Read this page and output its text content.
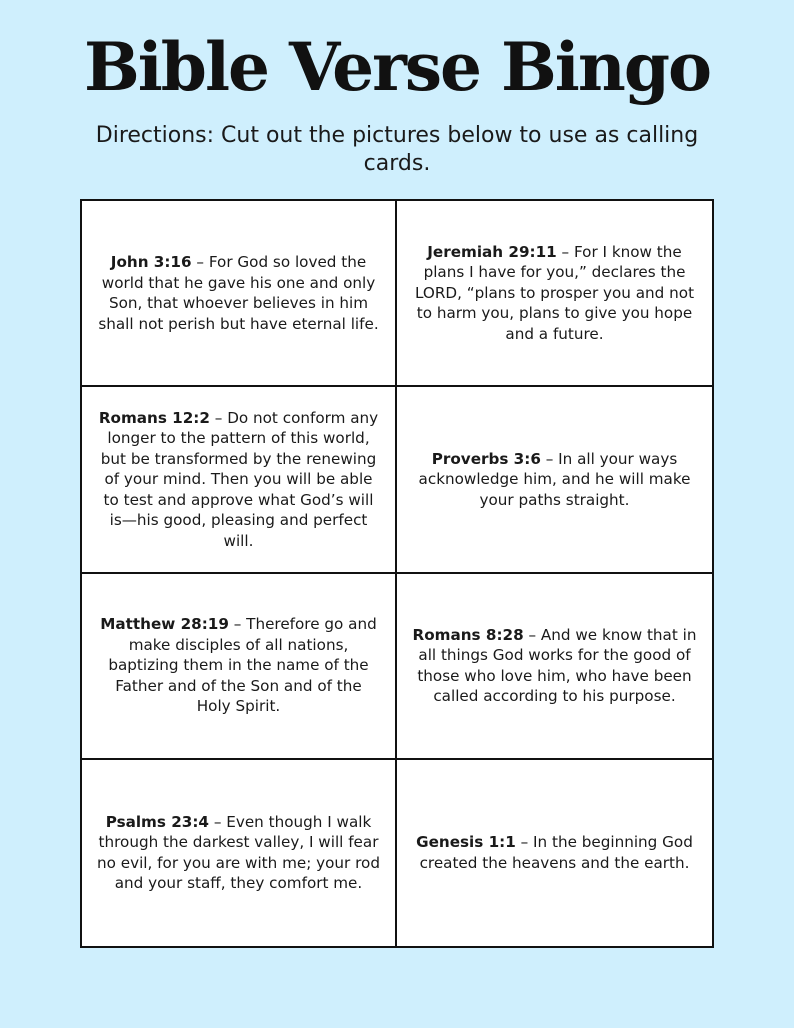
Bible Verse Bingo

Directions: Cut out the pictures below to use as calling cards.

John 3:16 – For God so loved the world that he gave his one and only Son, that whoever believes in him shall not perish but have eternal life.

Jeremiah 29:11 – For I know the plans I have for you,” declares the LORD, “plans to prosper you and not to harm you, plans to give you hope and a future.

Romans 12:2 – Do not conform any longer to the pattern of this world, but be transformed by the renewing of your mind. Then you will be able to test and approve what God’s will is—his good, pleasing and perfect will.

Proverbs 3:6 – In all your ways acknowledge him, and he will make your paths straight.

Matthew 28:19 – Therefore go and make disciples of all nations, baptizing them in the name of the Father and of the Son and of the Holy Spirit.

Romans 8:28 – And we know that in all things God works for the good of those who love him, who have been called according to his purpose.

Psalms 23:4 – Even though I walk through the darkest valley, I will fear no evil, for you are with me; your rod and your staff, they comfort me.

Genesis 1:1 – In the beginning God created the heavens and the earth.
